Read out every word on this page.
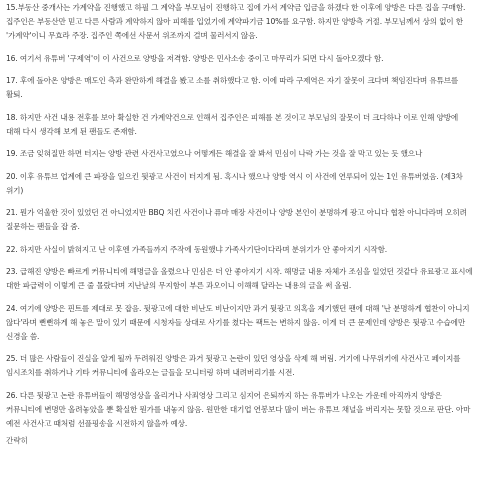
15.부동산 중개사는 가계약을 진행했고 하필 그 계약을 부모님이 진행하고 집에 가서 계약금 입금을 하겠다 한 이후에 양방은 다른 집을 구매함. 집주인은 부동산만 믿고 다른 사람과 계약하지 않아 피해를 입었기에 계약파기금 10%를 요구함. 하지만 양방측 거절. 부모님께서 상의 없이 한 '가계약'이니 무효라 주장. 집주인 쪽에선 사문서 위조까지 걸며 물러서지 않음.

16. 여기서 유튜버 '구제역'이 이 사건으로 양방을 저격함. 양방은 민사소송 중이고 마무리가 되면 다시 돌아오겠다 함.

17. 후에 돌아온 양방은 매도인 측과 완만하게 해결을 봤고 소를 취하했다고 함. 이에 따라 구제역은 자기 잘못이 크다며 책임진다며 유튜브를 활퇴.

18. 하지만 사건 내용 전후를 보아 확실한 건 가계약건으로 인해서 집주인은 피해를 본 것이고 부모님의 잘못이 더 크다하나 이로 인해 양방에 대해 다시 생각해 보게 된 팬들도 존재함.

19. 조금 잊혀질만 하면 터지는 양방 관련 사건사고였으나 어떻게든 해결을 잘 봐서 민심이 나락 가는 것을 잘 막고 있는 듯 했으나

20. 이후 유튜브 업계에 큰 파장을 일으킨 뒷광고 사건이 터지게 됨. 혹시나 했으나 양방 역시 이 사건에 연루되어 있는 1인 유튜버였음. (제3차 위기)

21. 뭔가 억울한 것이 있었던 건 아니었지만 BBQ 치킨 사건이나 퓨마 매장 사건이나 양방 본인이 분명하게 광고 아니다 협찬 아니다라며 오히려 질문하는 팬들을 잡 줌.

22. 하지만 사실이 밝혀지고 난 이후엔 가족들까지 주작에 동원했냐 가족사기단이다라며 분위기가 안 좋아지기 시작함.

23. 급해진 양방은 빠르게 커뮤니티에 해명글을 올렸으나 민심은 더 안 좋아지기 시작. 해명글 내용 자체가 조심을 일었던 것같다 유료광고 표시에 대한 파급력이 이렇게 큰 줄 몰랐다며 지난날의 무지함이 부른 과오이니 이해해 달라는 내용의 글을 써 올림.

24. 여기에 양방은 핀트를 제대로 못 잡음. 뒷광고에 대한 비난도 비난이지만 과거 뒷광고 의혹을 제기했던 팬에 대해 '난 분명하게 협찬이 아니지 않다'라며 뻔뻔하게 해 놓은 말이 있기 때문에 시청자들 상대로 사기를 쳤다는 팩트는 변하지 않음. 이게 더 큰 문제인데 양방은 뒷광고 수습에만 신경을 씀.

25. 더 많은 사람들이 진실을 알게 될까 두려워진 양방은 과거 뒷광고 논란이 있던 영상을 삭제 해 버림. 거기에 나무위키에 사건사고 페이지를 임시조치를 취하거나 기타 커뮤니티에 올라오는 글들을 모니터링 하며 내려버리기를 시전.

26. 다른 뒷광고 논란 유튜버들이 해명영상을 올리거나 사죄영상 그리고 심지어 은퇴까지 하는 유튜버가 나오는 가운데 아직까지 양방은 커뮤니티에 변명만 올려놓았을 뿐 확실한 뭔가를 내놓지 않음. 원만한 대기업 연봉보다 많이 버는 유튜브 채널을 버리지는 못할 것으로 판단. 아마 예전 사건사고 때처럼 선플핑송을 시전하지 않을까 예상.

간략히
